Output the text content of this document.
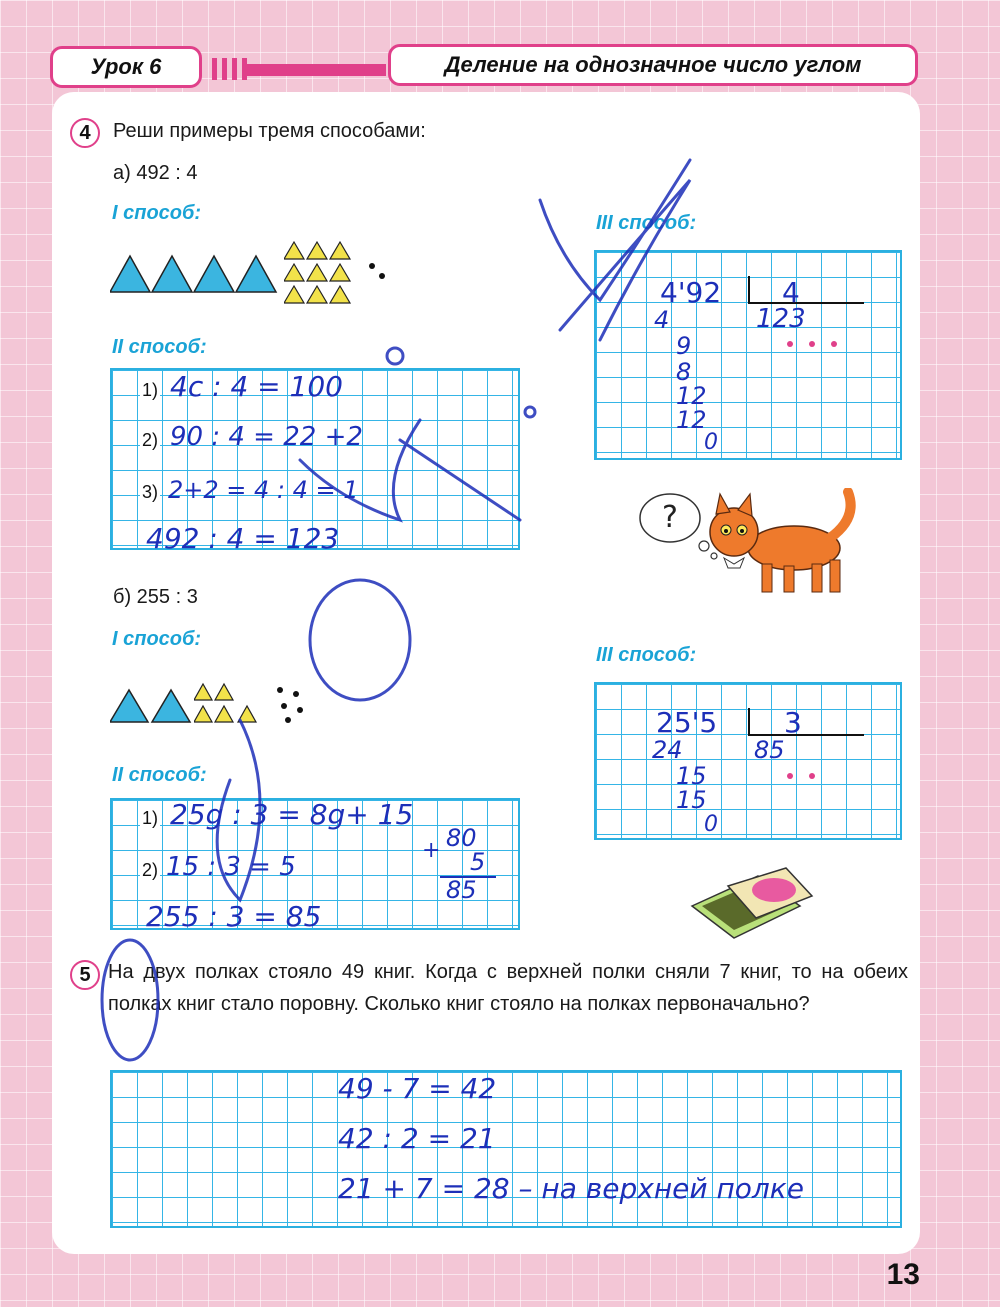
Урок 6	Деление на однозначное число углом
4	Реши примеры тремя способами:
а) 492 : 4
I способ:
II способ:
1) 4с : 4 = 100
2) 90 : 4 = 22 +2
3) 2+2 = 4 : 4 = 1
492 : 4 = 123
III способ:
4'92 4
123
4
9
8
12
12
0
?
б) 255 : 3
I способ:
II способ:
1) 25g : 3 = 8g+ 15
2) 15 : 3 = 5
255 : 3 = 85
+ 80
5
85
III способ:
25'5 3
85
24
15
15
0
5 На двух полках стояло 49 книг. Когда с верхней полки сняли 7 книг, то на обеих полках книг стало поровну. Сколько книг стояло на полках первоначально?
49 - 7 = 42
42 : 2 = 21
21 + 7 = 28 – на верхней полке
13
